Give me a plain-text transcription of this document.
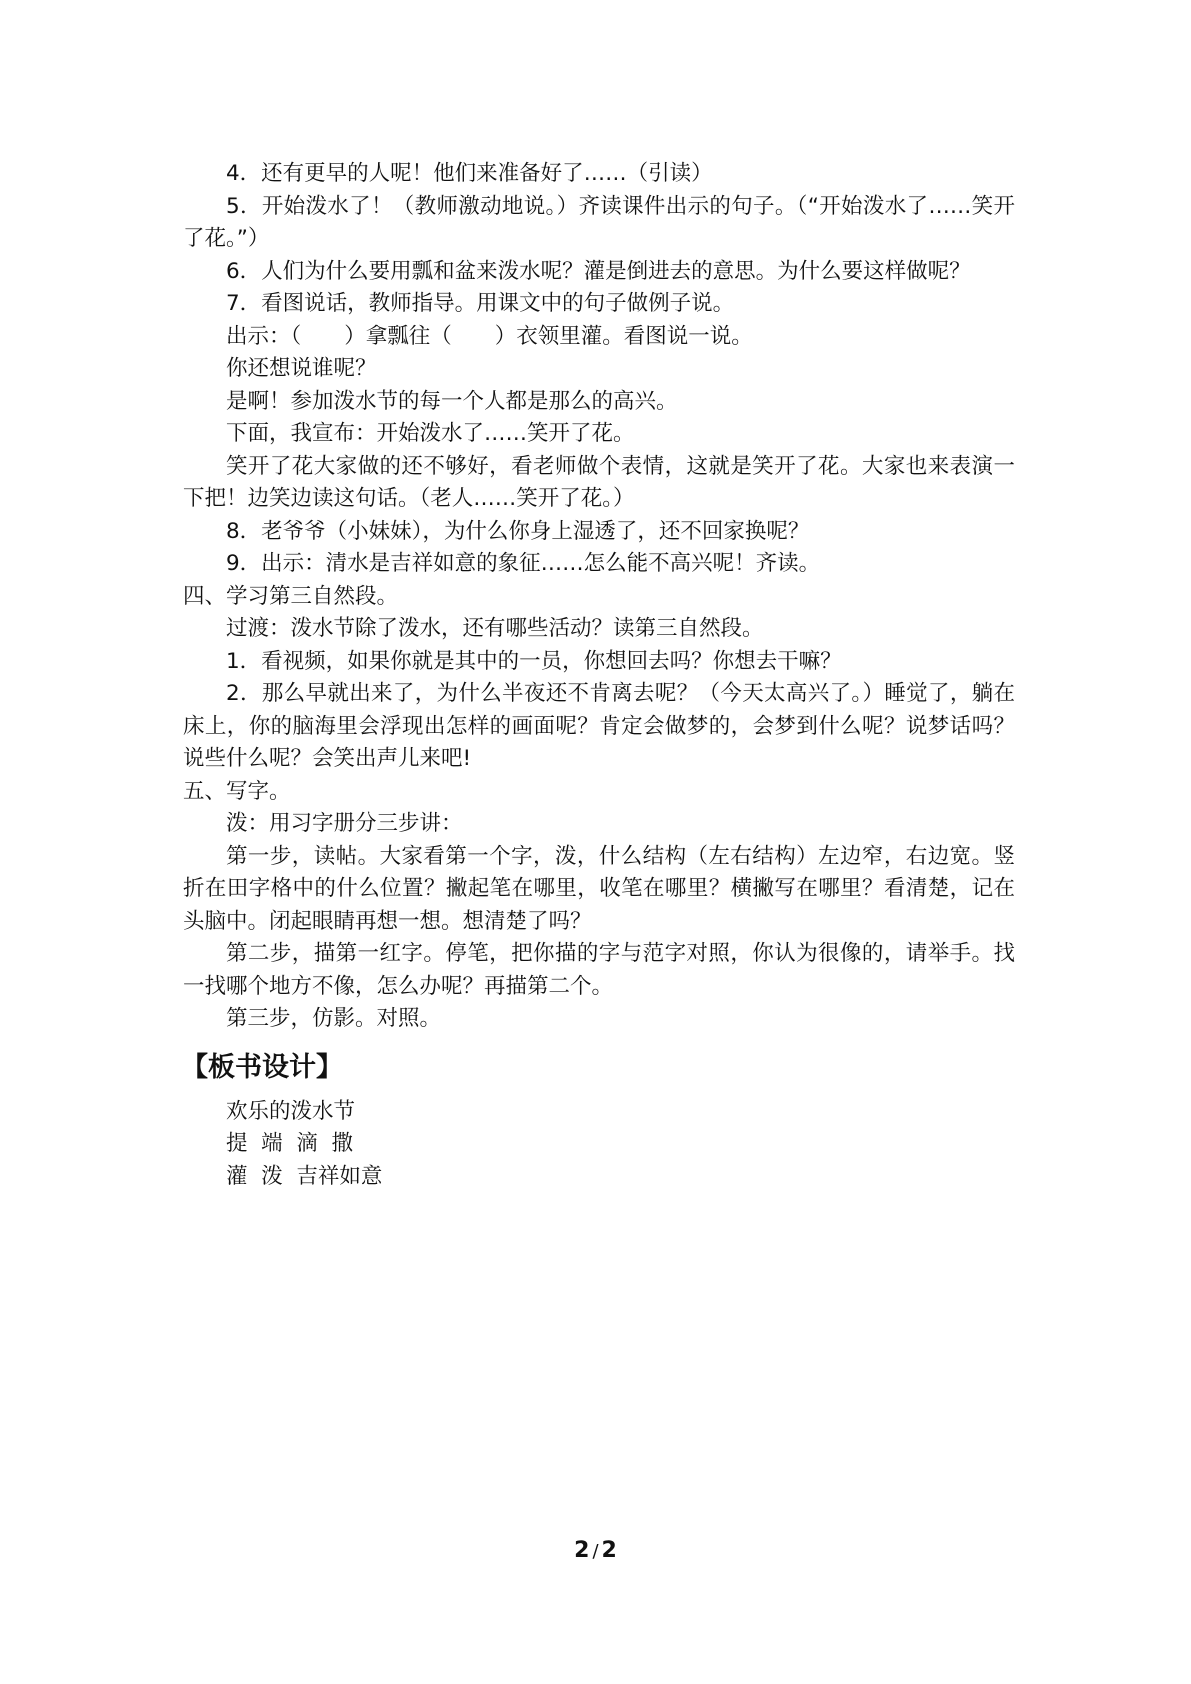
4．还有更早的人呢！他们来准备好了……（引读）

5．开始泼水了！（教师激动地说。）齐读课件出示的句子。（“开始泼水了……笑开了花。”）

6．人们为什么要用瓢和盆来泼水呢？灌是倒进去的意思。为什么要这样做呢？

7．看图说话，教师指导。用课文中的句子做例子说。

出示：（　　）拿瓢往（　　）衣领里灌。看图说一说。

你还想说谁呢？

是啊！参加泼水节的每一个人都是那么的高兴。

下面，我宣布：开始泼水了……笑开了花。

笑开了花大家做的还不够好，看老师做个表情，这就是笑开了花。大家也来表演一下把！边笑边读这句话。（老人……笑开了花。）

8．老爷爷（小妹妹），为什么你身上湿透了，还不回家换呢？

9．出示：清水是吉祥如意的象征……怎么能不高兴呢！齐读。

四、学习第三自然段。

过渡：泼水节除了泼水，还有哪些活动？读第三自然段。

1．看视频，如果你就是其中的一员，你想回去吗？你想去干嘛？

2．那么早就出来了，为什么半夜还不肯离去呢？（今天太高兴了。）睡觉了，躺在床上，你的脑海里会浮现出怎样的画面呢？肯定会做梦的，会梦到什么呢？说梦话吗？说些什么呢？会笑出声儿来吧!

五、写字。

泼：用习字册分三步讲：

第一步，读帖。大家看第一个字，泼，什么结构（左右结构）左边窄，右边宽。竖折在田字格中的什么位置？撇起笔在哪里，收笔在哪里？横撇写在哪里？看清楚，记在头脑中。闭起眼睛再想一想。想清楚了吗？

第二步，描第一红字。停笔，把你描的字与范字对照，你认为很像的，请举手。找一找哪个地方不像，怎么办呢？再描第二个。

第三步，仿影。对照。

【板书设计】

欢乐的泼水节

提  端  滴  撒

灌  泼  吉祥如意

2 / 2
